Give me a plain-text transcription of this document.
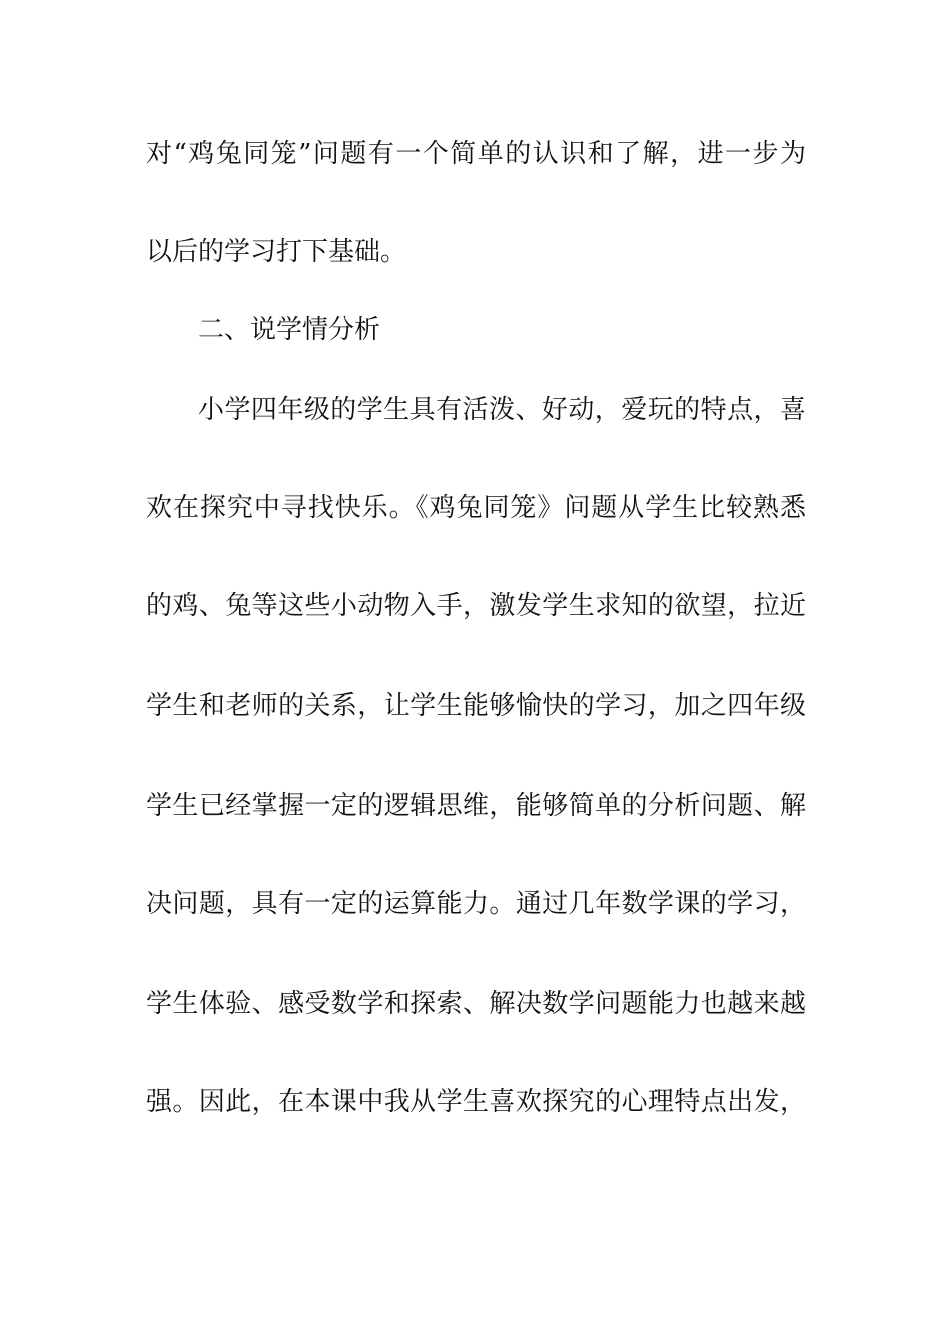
对“鸡兔同笼”问题有一个简单的认识和了解，进一步为
以后的学习打下基础。
二、说学情分析
小学四年级的学生具有活泼、好动，爱玩的特点，喜
欢在探究中寻找快乐。《鸡兔同笼》问题从学生比较熟悉
的鸡、兔等这些小动物入手，激发学生求知的欲望，拉近
学生和老师的关系，让学生能够愉快的学习，加之四年级
学生已经掌握一定的逻辑思维，能够简单的分析问题、解
决问题，具有一定的运算能力。通过几年数学课的学习，
学生体验、感受数学和探索、解决数学问题能力也越来越
强。因此，在本课中我从学生喜欢探究的心理特点出发，
